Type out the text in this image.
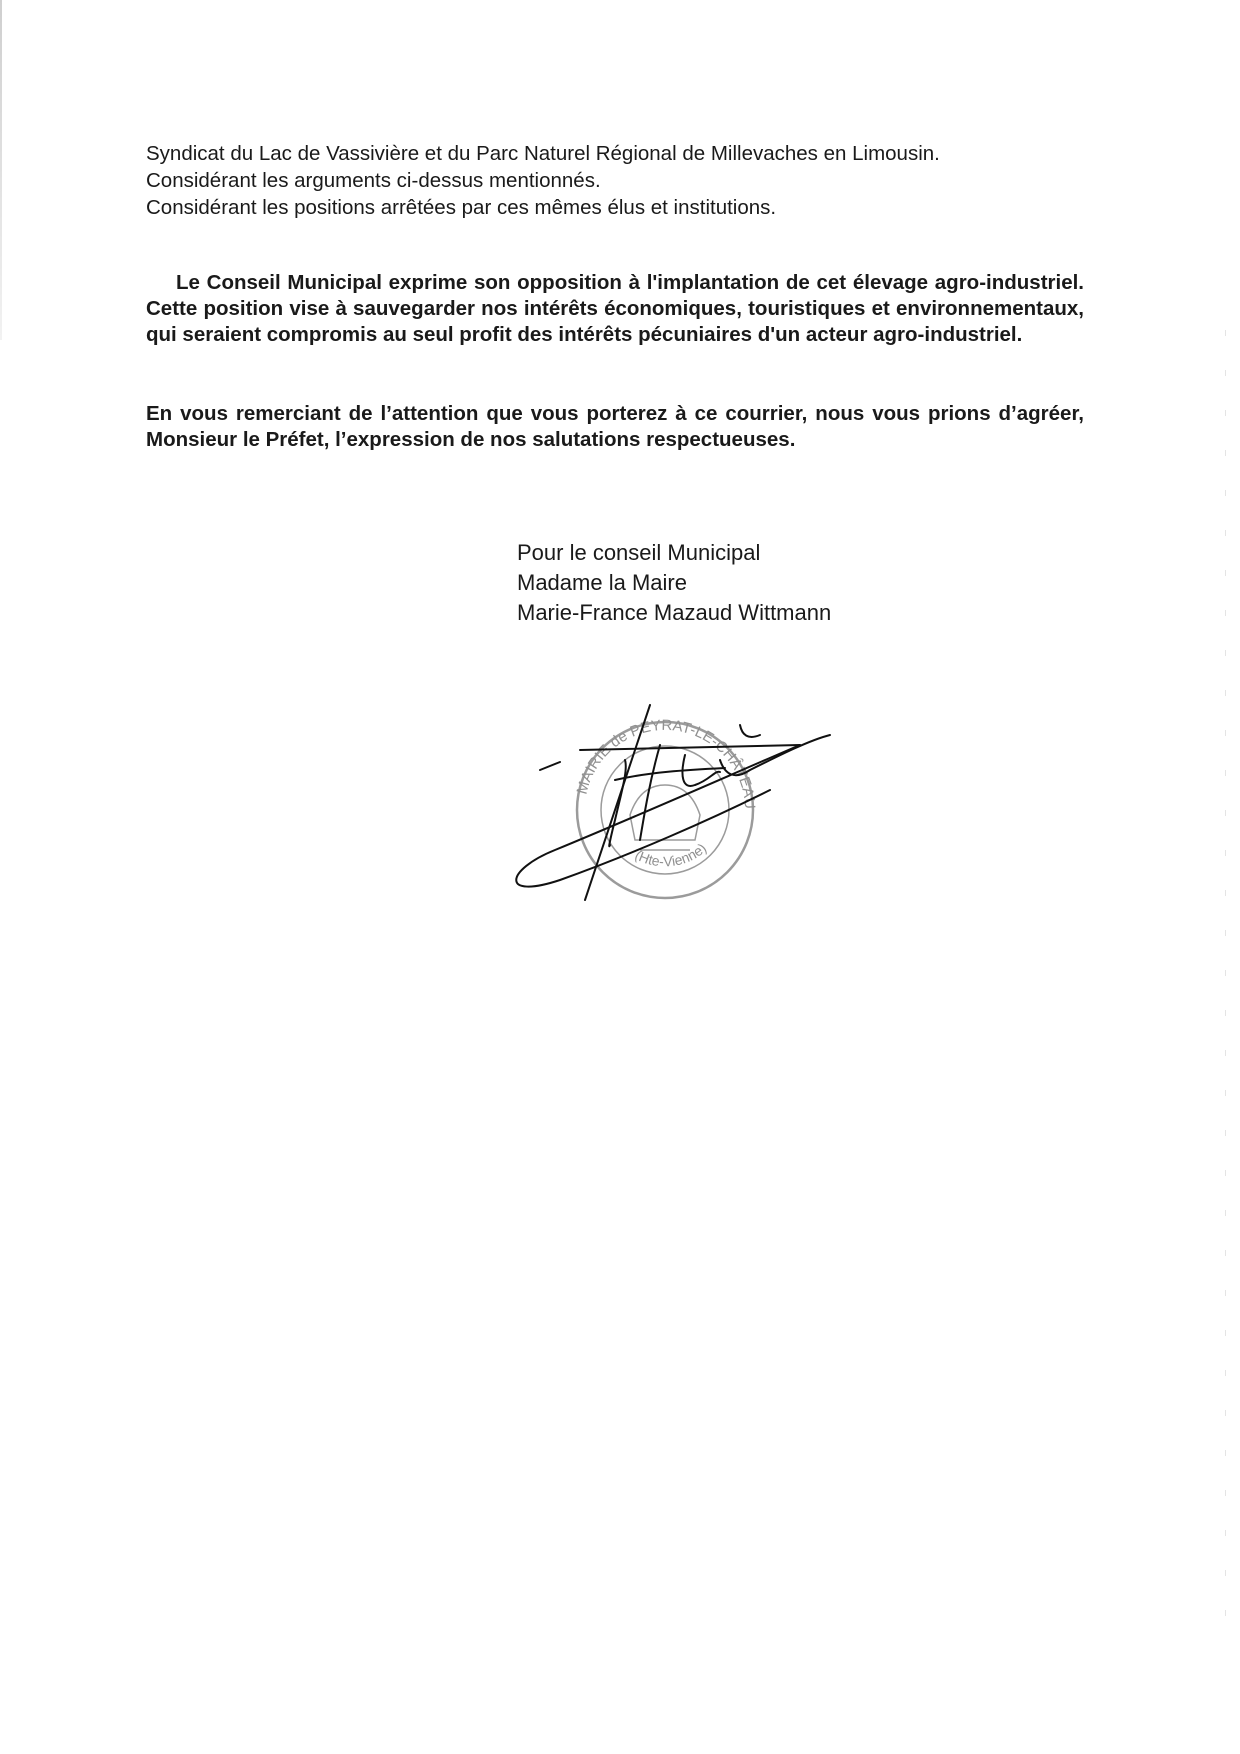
Syndicat du Lac de Vassivière et du Parc Naturel Régional de Millevaches en Limousin.

Considérant les arguments ci-dessus mentionnés.

Considérant les positions arrêtées par ces mêmes élus et institutions.

Le Conseil Municipal exprime son opposition à l'implantation de cet élevage agro-industriel. Cette position vise à sauvegarder nos intérêts économiques, touristiques et environnementaux, qui seraient compromis au seul profit des intérêts pécuniaires d'un acteur agro-industriel.

En vous remerciant de l’attention que vous porterez à ce courrier, nous vous prions d’agréer, Monsieur le Préfet, l’expression de nos salutations respectueuses.

Pour le conseil Municipal

Madame la Maire

Marie-France Mazaud Wittmann

MAIRIE de PEYRAT-LE-CHÂTEAU
(Hte-Vienne)
